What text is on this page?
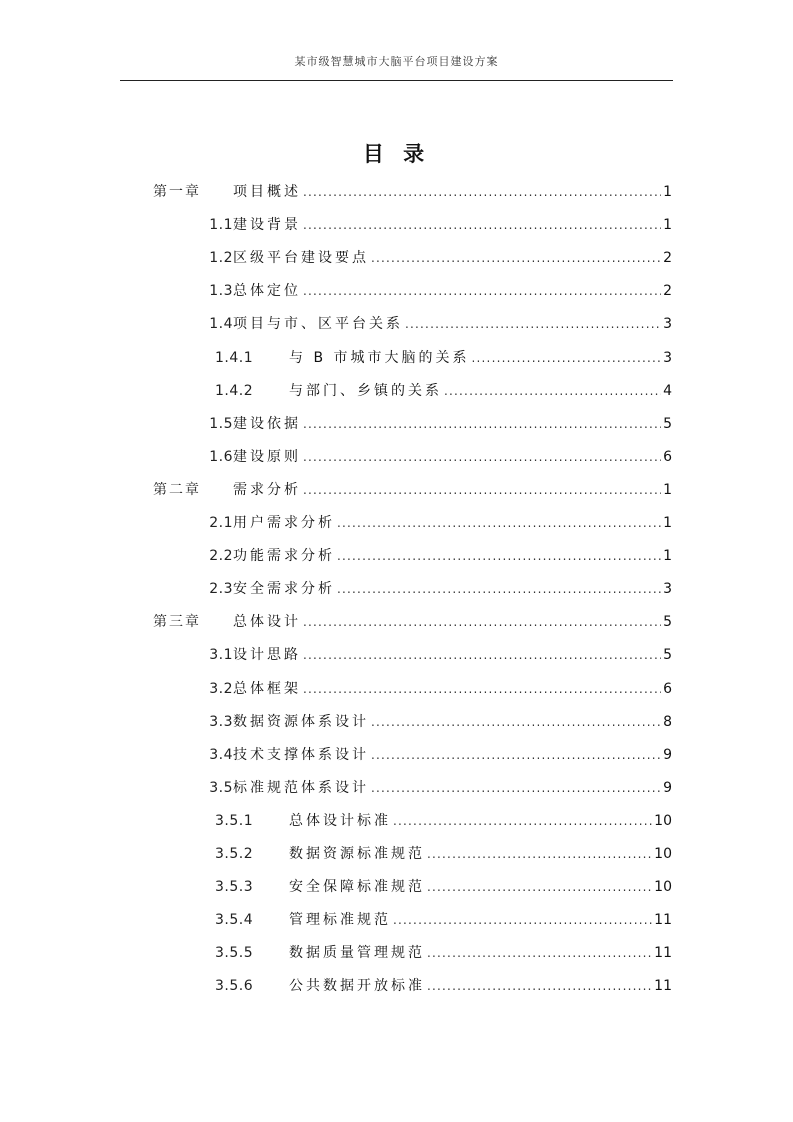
某市级智慧城市大脑平台项目建设方案
目 录
第一章	项目概述 .....	1
1.1 建设背景 .....	1
1.2 区级平台建设要点 .....	2
1.3 总体定位 .....	2
1.4 项目与市、区平台关系 .....	3
1.4.1	与 B 市城市大脑的关系 .....	3
1.4.2	与部门、乡镇的关系 .....	4
1.5 建设依据 .....	5
1.6 建设原则 .....	6
第二章	需求分析 .....	1
2.1 用户需求分析 .....	1
2.2 功能需求分析 .....	1
2.3 安全需求分析 .....	3
第三章	总体设计 .....	5
3.1 设计思路 .....	5
3.2 总体框架 .....	6
3.3 数据资源体系设计 .....	8
3.4 技术支撑体系设计 .....	9
3.5 标准规范体系设计 .....	9
3.5.1	总体设计标准 .....	10
3.5.2	数据资源标准规范 .....	10
3.5.3	安全保障标准规范 .....	10
3.5.4	管理标准规范 .....	11
3.5.5	数据质量管理规范 .....	11
3.5.6	公共数据开放标准 .....	11
